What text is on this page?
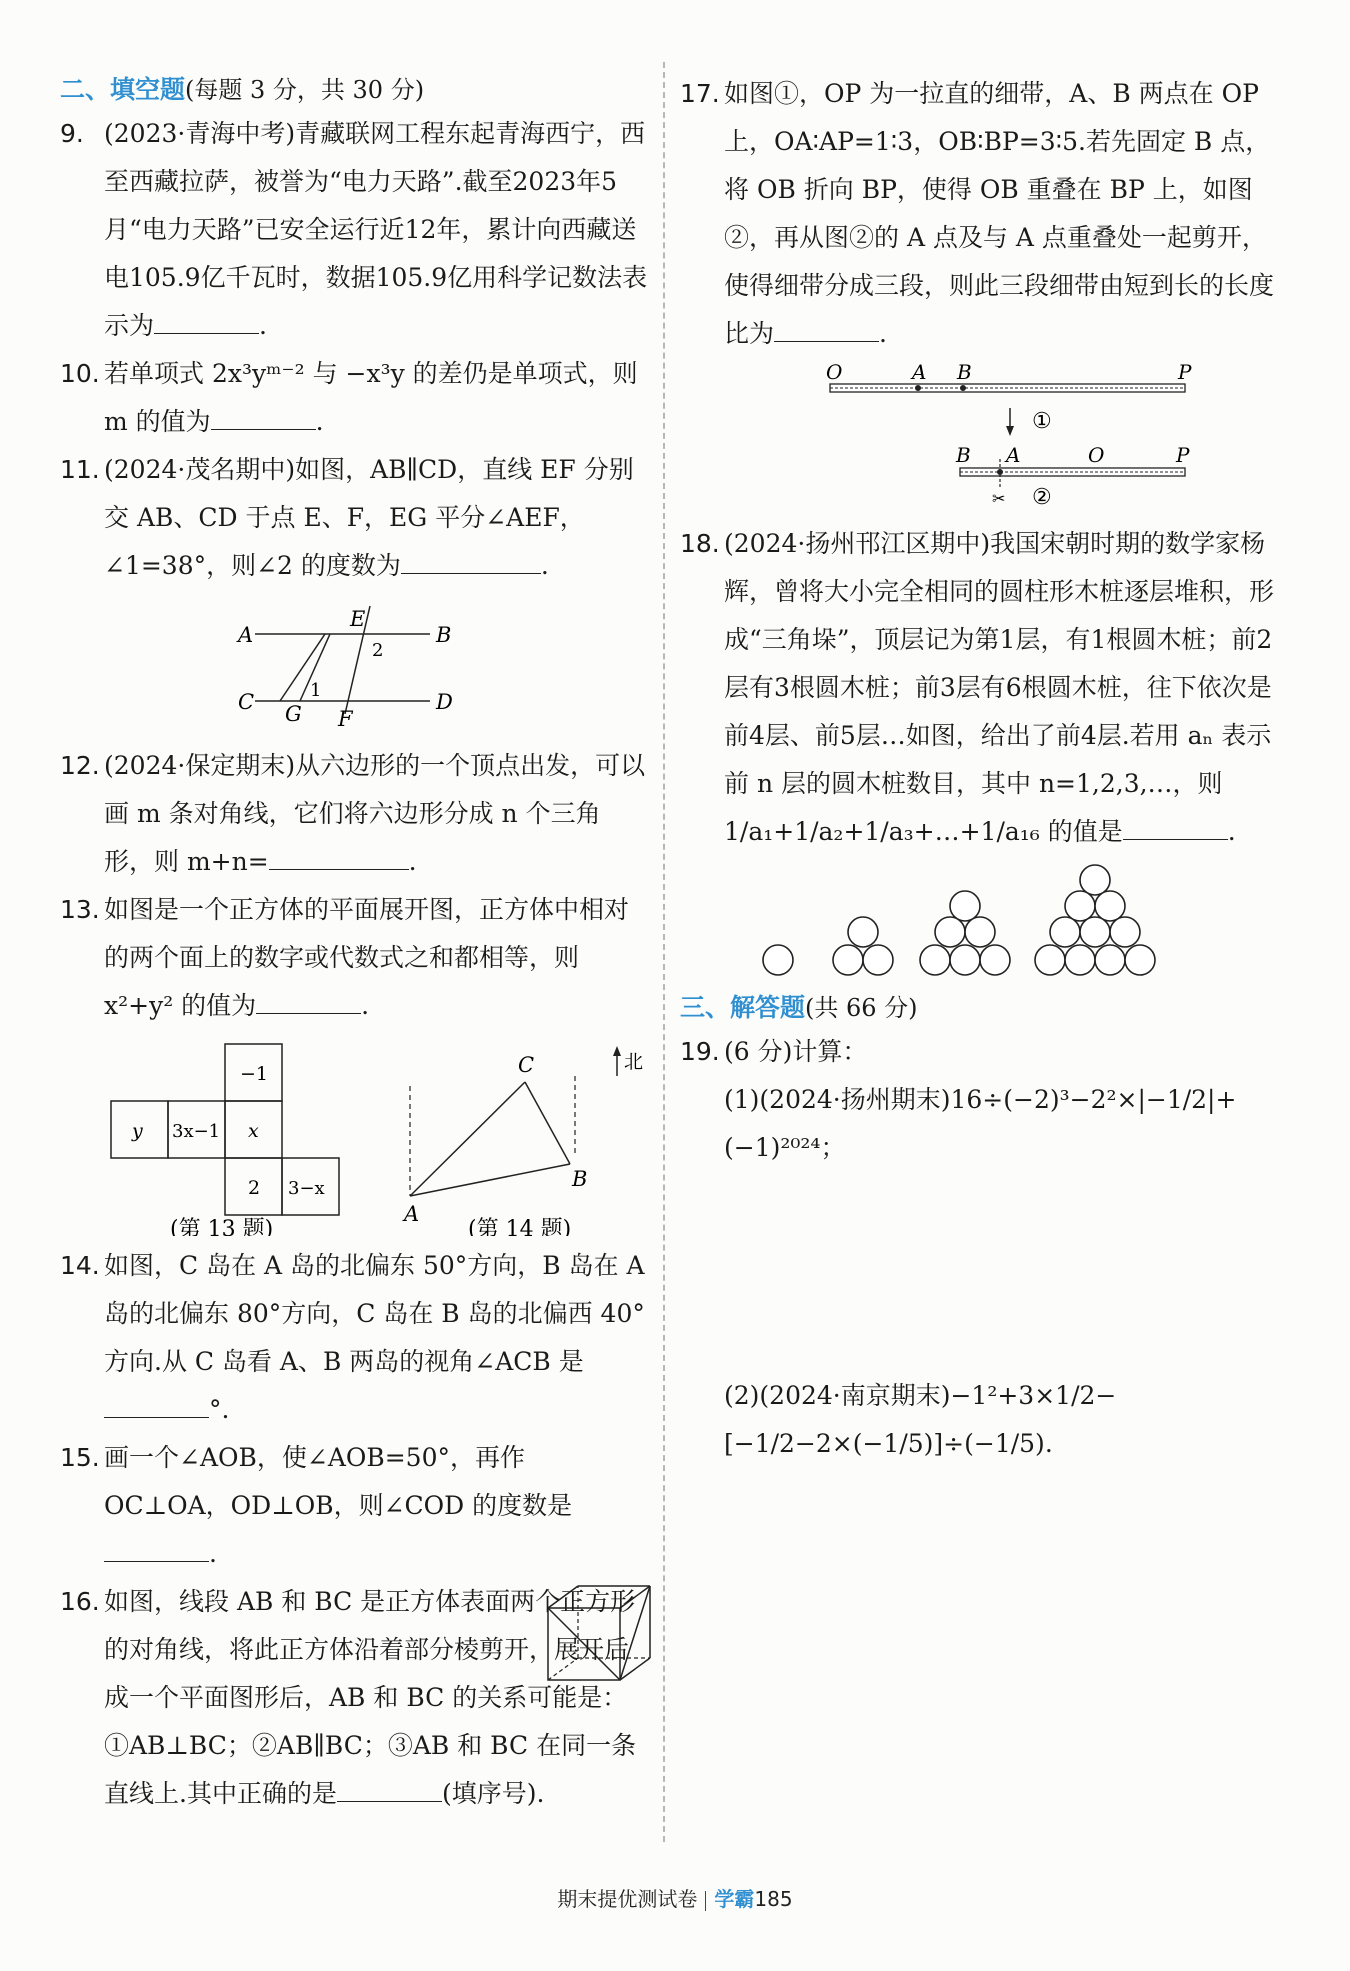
二、填空题(每题 3 分，共 30 分)

9. (2023·青海中考)青藏联网工程东起青海西宁，西至西藏拉萨，被誉为“电力天路”.截至2023年5月“电力天路”已安全运行近12年，累计向西藏送电105.9亿千瓦时，数据105.9亿用科学记数法表示为	.

10. 若单项式 2x³yᵐ⁻² 与 −x³y 的差仍是单项式，则 m 的值为	.

11. (2024·茂名期中)如图，AB∥CD，直线 EF 分别交 AB、CD 于点 E、F，EG 平分∠AEF，∠1=38°，则∠2 的度数为	.

A	B
C	D
E
F
G
1
2

12. (2024·保定期末)从六边形的一个顶点出发，可以画 m 条对角线，它们将六边形分成 n 个三角形，则 m+n=	.

13. 如图是一个正方体的平面展开图，正方体中相对的两个面上的数字或代数式之和都相等，则 x²+y² 的值为	.

−1
y 3x−1 x
2 3−x
(第 13 题)
A
B
C	北
(第 14 题)

14. 如图，C 岛在 A 岛的北偏东 50°方向，B 岛在 A 岛的北偏东 80°方向，C 岛在 B 岛的北偏西 40°方向.从 C 岛看 A、B 两岛的视角∠ACB 是°.

15. 画一个∠AOB，使∠AOB=50°，再作 OC⊥OA，OD⊥OB，则∠COD 的度数是.

16. 如图，线段 AB 和 BC 是正方体表面两个正方形的对角线，将此正方体沿着部分棱剪开，展开后成一个平面图形后，AB 和 BC 的关系可能是：①AB⊥BC；②AB∥BC；③AB 和 BC 在同一条直线上.其中正确的是	(填序号).

17. 如图①，OP 为一拉直的细带，A、B 两点在 OP 上，OA∶AP=1∶3，OB∶BP=3∶5.若先固定 B 点，将 OB 折向 BP，使得 OB 重叠在 BP 上，如图②，再从图②的 A 点及与 A 点重叠处一起剪开，使得细带分成三段，则此三段细带由短到长的长度比为	.

O	A B	P
①
✂
B A	O	P
②

18. (2024·扬州邗江区期中)我国宋朝时期的数学家杨辉，曾将大小完全相同的圆柱形木桩逐层堆积，形成“三角垛”，顶层记为第1层，有1根圆木桩；前2层有3根圆木桩；前3层有6根圆木桩，往下依次是前4层、前5层…如图，给出了前4层.若用 aₙ 表示前 n 层的圆木桩数目，其中 n=1,2,3,…，则 1/a₁+1/a₂+1/a₃+…+1/a₁₆ 的值是	.

三、解答题(共 66 分)

19. (6 分)计算：

(1)(2024·扬州期末)16÷(−2)³−2²×|−1/2|+(−1)²⁰²⁴；

(2)(2024·南京期末)−1²+3×1/2−[−1/2−2×(−1/5)]÷(−1/5).

期末提优测试卷 学霸185
